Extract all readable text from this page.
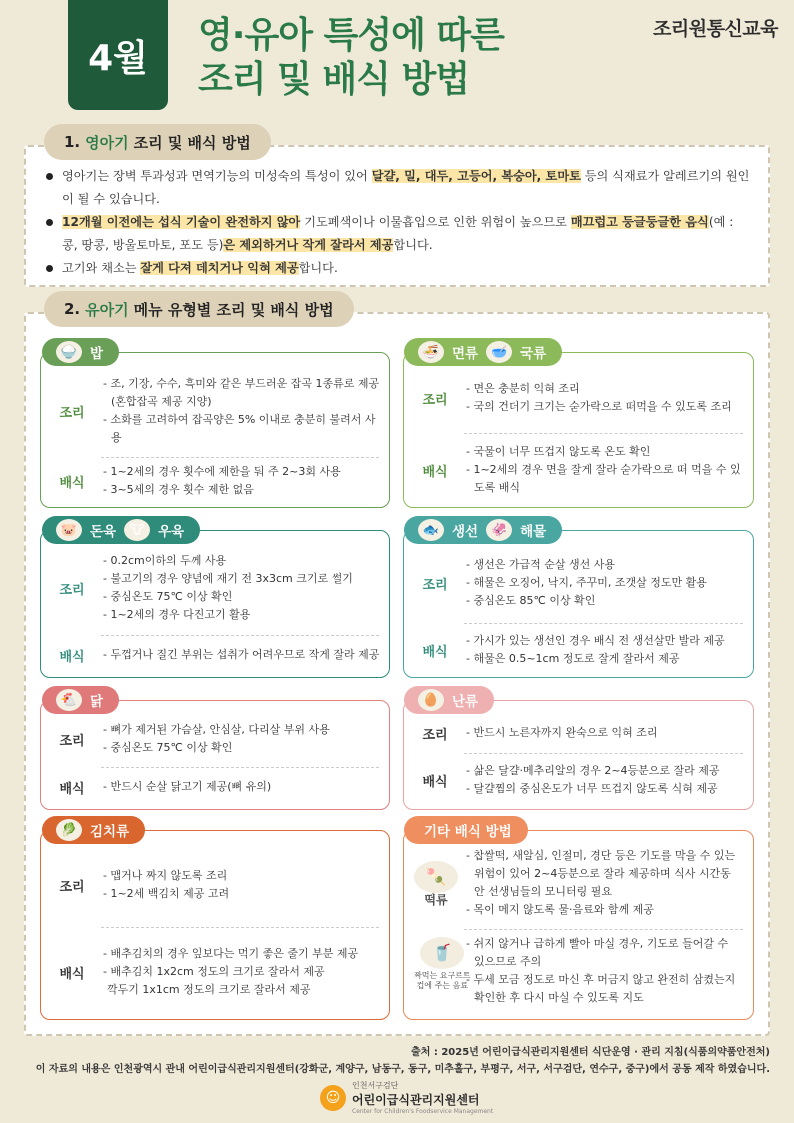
4월
영·유아 특성에 따른
조리 및 배식 방법
조리원통신교육
1. 영아기 조리 및 배식 방법
영아기는 장벽 투과성과 면역기능의 미성숙의 특성이 있어 달걀, 밀, 대두, 고등어, 복숭아, 토마토 등의 식재료가 알레르기의 원인이 될 수 있습니다.
12개월 이전에는 섭식 기술이 완전하지 않아 기도폐색이나 이물흡입으로 인한 위험이 높으므로 매끄럽고 둥글둥글한 음식(예 : 콩, 땅콩, 방울토마토, 포도 등)은 제외하거나 작게 잘라서 제공합니다.
고기와 채소는 잘게 다져 데치거나 익혀 제공합니다.
2. 유아기 메뉴 유형별 조리 및 배식 방법
🍚 밥
조리
- 조, 기장, 수수, 흑미와 같은 부드러운 잡곡 1종류로 제공 (혼합잡곡 제공 지양)
- 소화를 고려하여 잡곡양은 5% 이내로 충분히 불려서 사용
배식
- 1~2세의 경우 횟수에 제한을 둬 주 2~3회 사용
- 3~5세의 경우 횟수 제한 없음
🍜 면류 🥣 국류
조리
- 면은 충분히 익혀 조리
- 국의 건더기 크기는 숟가락으로 떠먹을 수 있도록 조리
배식
- 국물이 너무 뜨겁지 않도록 온도 확인
- 1~2세의 경우 면을 잘게 잘라 숟가락으로 떠 먹을 수 있도록 배식
🐷 돈육	🐮 우육
조리
- 0.2cm이하의 두께 사용
- 불고기의 경우 양념에 재기 전 3x3cm 크기로 썰기
- 중심온도 75℃ 이상 확인
- 1~2세의 경우 다진고기 활용
배식	- 두껍거나 질긴 부위는 섭취가 어려우므로 작게 잘라 제공
🐟 생선 🦑 해물
조리
- 생선은 가급적 순살 생선 사용
- 해물은 오징어, 낙지, 주꾸미, 조갯살 정도만 활용
- 중심온도 85℃ 이상 확인
배식
- 가시가 있는 생선인 경우 배식 전 생선살만 발라 제공
- 해물은 0.5~1cm 정도로 잘게 잘라서 제공
🐔 닭
조리
- 뼈가 제거된 가슴살, 안심살, 다리살 부위 사용
- 중심온도 75℃ 이상 확인
배식	- 반드시 순살 닭고기 제공(뼈 유의)
🥚 난류
조리	- 반드시 노른자까지 완숙으로 익혀 조리
배식
- 삶은 달걀·메추리알의 경우 2~4등분으로 잘라 제공
- 달걀찜의 중심온도가 너무 뜨겁지 않도록 식혀 제공
🥬 김치류
조리
- 맵거나 짜지 않도록 조리
- 1~2세 백김치 제공 고려
배식
- 배추김치의 경우 잎보다는 먹기 좋은 줄기 부분 제공
- 배추김치 1x2cm 정도의 크기로 잘라서 제공
깍두기 1x1cm 정도의 크기로 잘라서 제공
기타 배식 방법
🍡
떡류
- 찹쌀떡, 새알심, 인절미, 경단 등은 기도를 막을 수 있는 위험이 있어 2~4등분으로 잘라 제공하며 식사 시간동안 선생님들의 모니터링 필요
- 목이 메지 않도록 물·음료와 함께 제공
🥤
짜먹는 요구르트
컵에 주는 음료
- 쉬지 않거나 급하게 빨아 마실 경우, 기도로 들어갈 수 있으므로 주의
- 두세 모금 정도로 마신 후 머금지 않고 완전히 삼켰는지 확인한 후 다시 마실 수 있도록 지도
출처 : 2025년 어린이급식관리지원센터 식단운영 · 관리 지침(식품의약품안전처)
이 자료의 내용은 인천광역시 관내 어린이급식관리지원센터(강화군, 계양구, 남동구, 동구, 미추홀구, 부평구, 서구, 서구검단, 연수구, 중구)에서 공동 제작 하였습니다.
☺
인천서구검단
어린이급식관리지원센터
Center for Children's Foodservice Management
